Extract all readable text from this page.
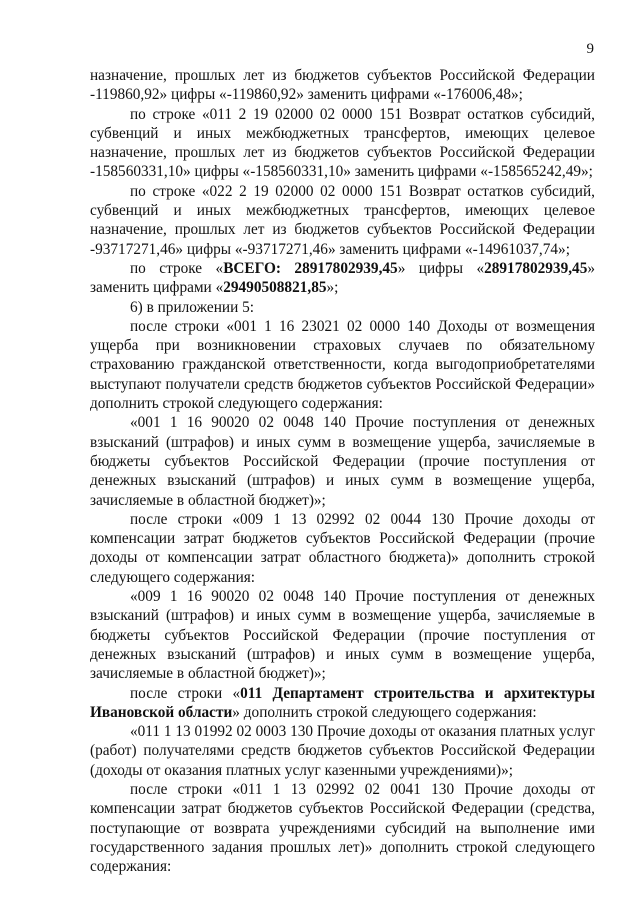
9

назначение, прошлых лет из бюджетов субъектов Российской Федерации -119860,92» цифры «-119860,92» заменить цифрами «-176006,48»;

по строке «011 2 19 02000 02 0000 151 Возврат остатков субсидий, субвенций и иных межбюджетных трансфертов, имеющих целевое назначение, прошлых лет из бюджетов субъектов Российской Федерации -158560331,10» цифры «-158560331,10» заменить цифрами «-158565242,49»;

по строке «022 2 19 02000 02 0000 151 Возврат остатков субсидий, субвенций и иных межбюджетных трансфертов, имеющих целевое назначение, прошлых лет из бюджетов субъектов Российской Федерации -93717271,46» цифры «-93717271,46» заменить цифрами «-14961037,74»;

по строке «ВСЕГО: 28917802939,45» цифры «28917802939,45» заменить цифрами «29490508821,85»;

6) в приложении 5:

после строки «001 1 16 23021 02 0000 140 Доходы от возмещения ущерба при возникновении страховых случаев по обязательному страхованию гражданской ответственности, когда выгодоприобретателями выступают получатели средств бюджетов субъектов Российской Федерации» дополнить строкой следующего содержания:

«001 1 16 90020 02 0048 140 Прочие поступления от денежных взысканий (штрафов) и иных сумм в возмещение ущерба, зачисляемые в бюджеты субъектов Российской Федерации (прочие поступления от денежных взысканий (штрафов) и иных сумм в возмещение ущерба, зачисляемые в областной бюджет)»;

после строки «009 1 13 02992 02 0044 130 Прочие доходы от компенсации затрат бюджетов субъектов Российской Федерации (прочие доходы от компенсации затрат областного бюджета)» дополнить строкой следующего содержания:

«009 1 16 90020 02 0048 140 Прочие поступления от денежных взысканий (штрафов) и иных сумм в возмещение ущерба, зачисляемые в бюджеты субъектов Российской Федерации (прочие поступления от денежных взысканий (штрафов) и иных сумм в возмещение ущерба, зачисляемые в областной бюджет)»;

после строки «011 Департамент строительства и архитектуры Ивановской области» дополнить строкой следующего содержания:

«011 1 13 01992 02 0003 130 Прочие доходы от оказания платных услуг (работ) получателями средств бюджетов субъектов Российской Федерации (доходы от оказания платных услуг казенными учреждениями)»;

после строки «011 1 13 02992 02 0041 130 Прочие доходы от компенсации затрат бюджетов субъектов Российской Федерации (средства, поступающие от возврата учреждениями субсидий на выполнение ими государственного задания прошлых лет)» дополнить строкой следующего содержания:
